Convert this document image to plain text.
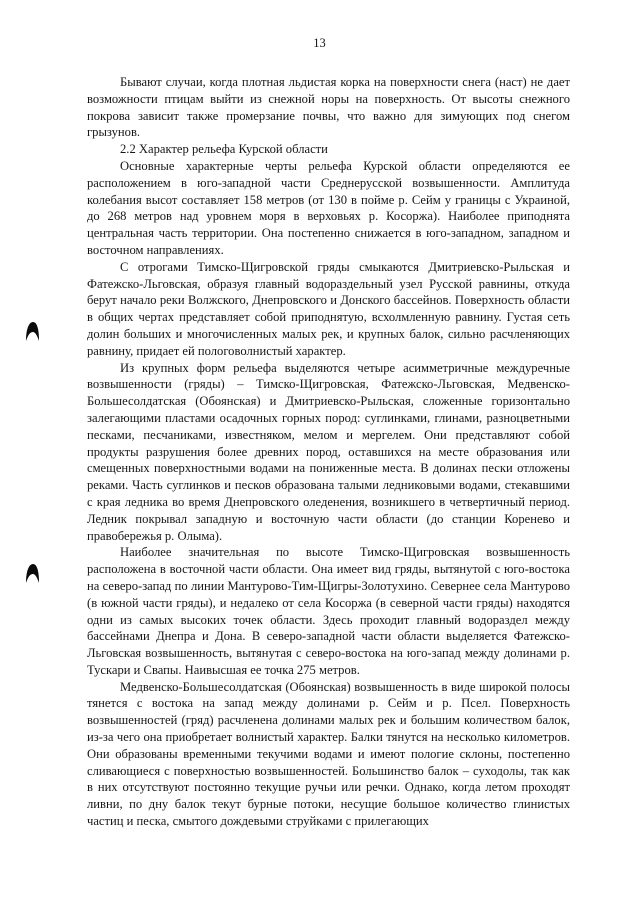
13

Бывают случаи, когда плотная льдистая корка на поверхности снега (наст) не дает возможности птицам выйти из снежной норы на поверхность. От высоты снежного покрова зависит также промерзание почвы, что важно для зимующих под снегом грызунов.

2.2 Характер рельефа Курской области

Основные характерные черты рельефа Курской области определяются ее расположением в юго-западной части Среднерусской возвышенности. Амплитуда колебания высот составляет 158 метров (от 130 в пойме р. Сейм у границы с Украиной, до 268 метров над уровнем моря в верховьях р. Косоржа). Наиболее приподнята центральная часть территории. Она постепенно снижается в юго-западном, западном и восточном направлениях.

С отрогами Тимско-Щигровской гряды смыкаются Дмитриевско-Рыльская и Фатежско-Льговская, образуя главный водораздельный узел Русской равнины, откуда берут начало реки Волжского, Днепровского и Донского бассейнов. Поверхность области в общих чертах представляет собой приподнятую, всхолмленную равнину. Густая сеть долин больших и многочисленных малых рек, и крупных балок, сильно расчленяющих равнину, придает ей пологоволнистый характер.

Из крупных форм рельефа выделяются четыре асимметричные междуречные возвышенности (гряды) – Тимско-Щигровская, Фатежско-Льговская, Медвенско-Большесолдатская (Обоянская) и Дмитриевско-Рыльская, сложенные горизонтально залегающими пластами осадочных горных пород: суглинками, глинами, разноцветными песками, песчаниками, известняком, мелом и мергелем. Они представляют собой продукты разрушения более древних пород, оставшихся на месте образования или смещенных поверхностными водами на пониженные места. В долинах пески отложены реками. Часть суглинков и песков образована талыми ледниковыми водами, стекавшими с края ледника во время Днепровского оледенения, возникшего в четвертичный период. Ледник покрывал западную и восточную части области (до станции Коренево и правобережья р. Олыма).

Наиболее значительная по высоте Тимско-Щигровская возвышенность расположена в восточной части области. Она имеет вид гряды, вытянутой с юго-востока на северо-запад по линии Мантурово-Тим-Щигры-Золотухино. Севернее села Мантурово (в южной части гряды), и недалеко от села Косоржа (в северной части гряды) находятся одни из самых высоких точек области. Здесь проходит главный водораздел между бассейнами Днепра и Дона. В северо-западной части области выделяется Фатежско-Льговская возвышенность, вытянутая с северо-востока на юго-запад между долинами р. Тускари и Свапы. Наивысшая ее точка 275 метров.

Медвенско-Большесолдатская (Обоянская) возвышенность в виде широкой полосы тянется с востока на запад между долинами р. Сейм и р. Псел. Поверхность возвышенностей (гряд) расчленена долинами малых рек и большим количеством балок, из-за чего она приобретает волнистый характер. Балки тянутся на несколько километров. Они образованы временными текучими водами и имеют пологие склоны, постепенно сливающиеся с поверхностью возвышенностей. Большинство балок – суходолы, так как в них отсутствуют постоянно текущие ручьи или речки. Однако, когда летом проходят ливни, по дну балок текут бурные потоки, несущие большое количество глинистых частиц и песка, смытого дождевыми струйками с прилегающих
